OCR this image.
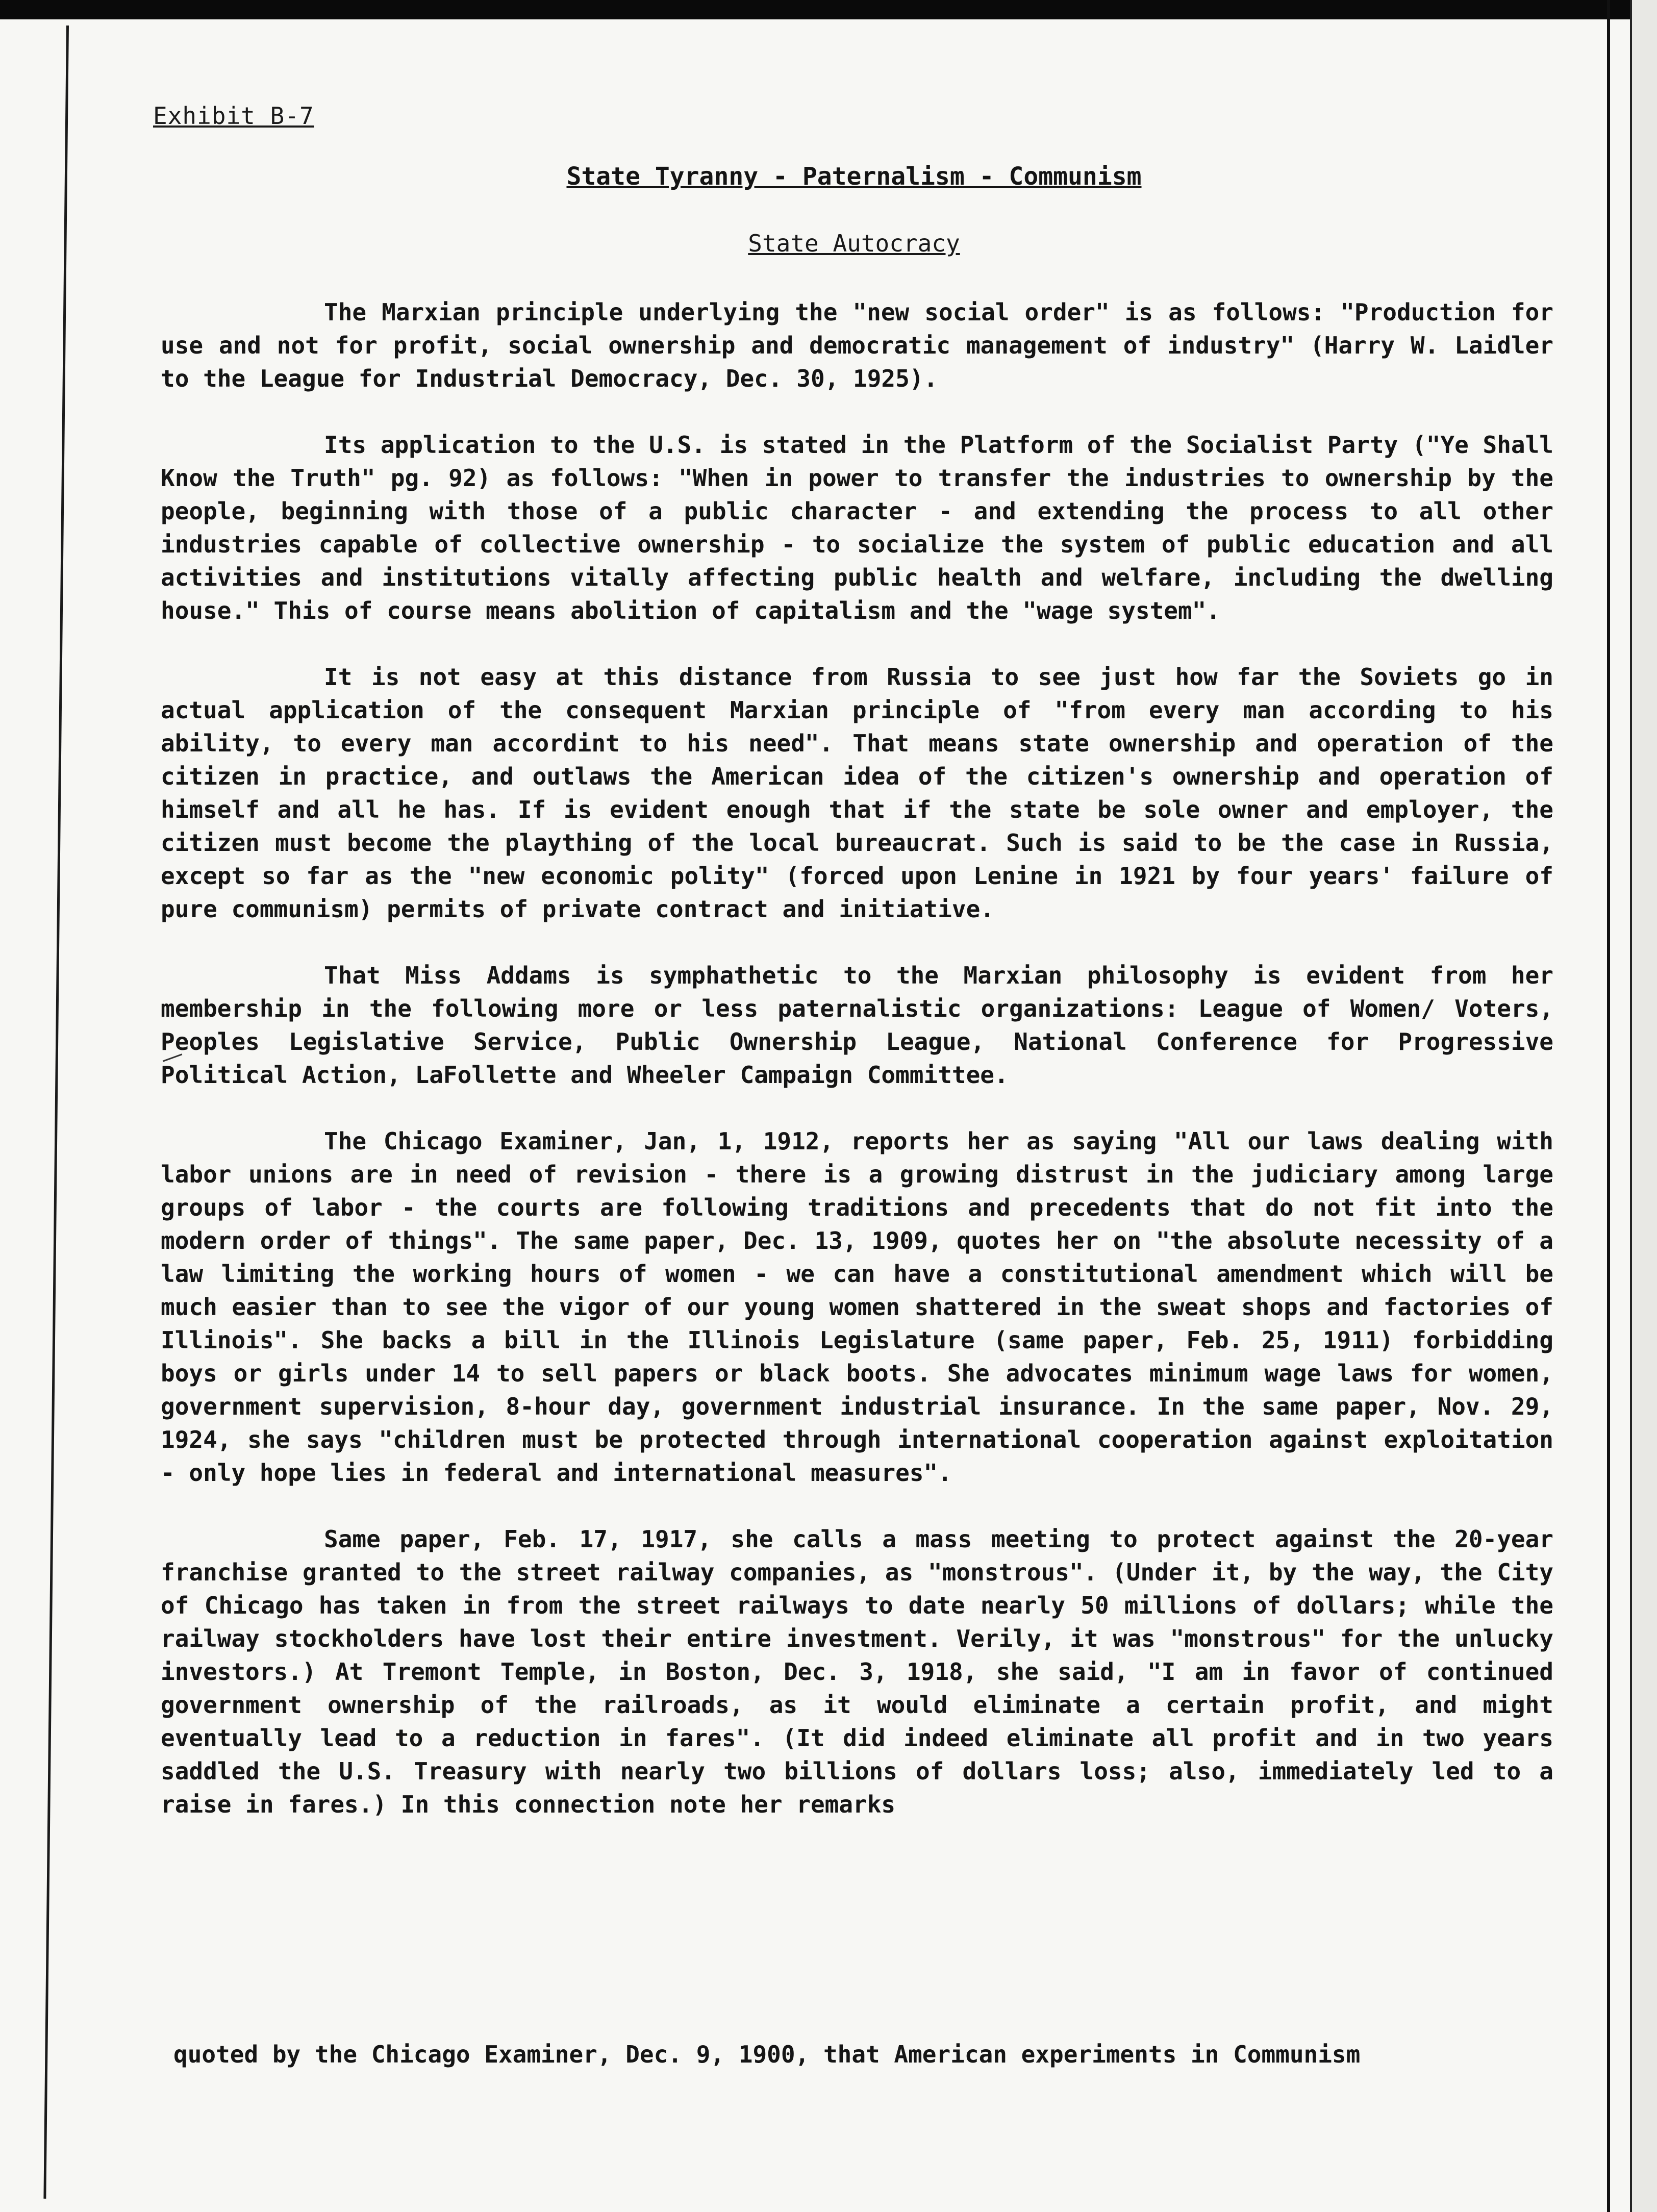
Exhibit B-7
State Tyranny - Paternalism - Communism
State Autocracy

The Marxian principle underlying the "new social order" is as follows: "Production for use and not for profit, social ownership and democratic management of industry" (Harry W. Laidler to the League for Industrial Democracy, Dec. 30, 1925).

Its application to the U.S. is stated in the Platform of the Socialist Party ("Ye Shall Know the Truth" pg. 92) as follows: "When in power to transfer the industries to ownership by the people, beginning with those of a public character - and extending the process to all other industries capable of collective ownership - to socialize the system of public education and all activities and institutions vitally affecting public health and welfare, including the dwelling house." This of course means abolition of capitalism and the "wage system".

It is not easy at this distance from Russia to see just how far the Soviets go in actual application of the consequent Marxian principle of "from every man according to his ability, to every man accordint to his need". That means state ownership and operation of the citizen in practice, and outlaws the American idea of the citizen's ownership and operation of himself and all he has. If is evident enough that if the state be sole owner and employer, the citizen must become the plaything of the local bureaucrat. Such is said to be the case in Russia, except so far as the "new economic polity" (forced upon Lenine in 1921 by four years' failure of pure communism) permits of private contract and initiative.

That Miss Addams is symphathetic to the Marxian philosophy is evident from her membership in the following more or less paternalistic organizations: League of Women/ Voters, Peoples Legislative Service, Public Ownership League, National Conference for Progressive Political Action, LaFollette and Wheeler Campaign Committee.

The Chicago Examiner, Jan, 1, 1912, reports her as saying "All our laws dealing with labor unions are in need of revision - there is a growing distrust in the judiciary among large groups of labor - the courts are following traditions and precedents that do not fit into the modern order of things". The same paper, Dec. 13, 1909, quotes her on "the absolute necessity of a law limiting the working hours of women - we can have a constitutional amendment which will be much easier than to see the vigor of our young women shattered in the sweat shops and factories of Illinois". She backs a bill in the Illinois Legislature (same paper, Feb. 25, 1911) forbidding boys or girls under 14 to sell papers or black boots. She advocates minimum wage laws for women, government supervision, 8-hour day, government industrial insurance. In the same paper, Nov. 29, 1924, she says "children must be protected through international cooperation against exploitation - only hope lies in federal and international measures".

Same paper, Feb. 17, 1917, she calls a mass meeting to protect against the 20-year franchise granted to the street railway companies, as "monstrous". (Under it, by the way, the City of Chicago has taken in from the street railways to date nearly 50 millions of dollars; while the railway stockholders have lost their entire investment. Verily, it was "monstrous" for the unlucky investors.) At Tremont Temple, in Boston, Dec. 3, 1918, she said, "I am in favor of continued government ownership of the railroads, as it would eliminate a certain profit, and might eventually lead to a reduction in fares". (It did indeed eliminate all profit and in two years saddled the U.S. Treasury with nearly two billions of dollars loss; also, immediately led to a raise in fares.) In this connection note her remarks

quoted by the Chicago Examiner, Dec. 9, 1900, that American experiments in Communism
